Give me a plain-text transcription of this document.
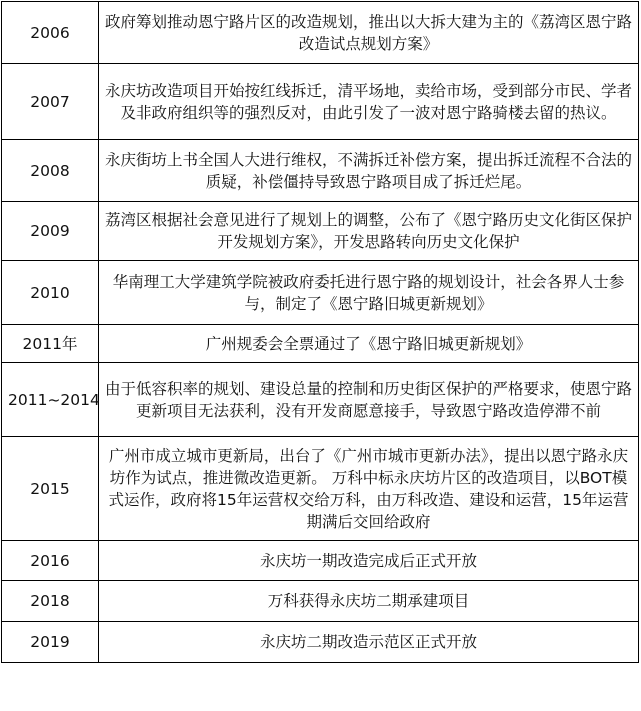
2006	政府筹划推动恩宁路片区的改造规划，推出以大拆大建为主的《荔湾区恩宁路改造试点规划方案》
2007	永庆坊改造项目开始按红线拆迁，清平场地，卖给市场，受到部分市民、学者及非政府组织等的强烈反对，由此引发了一波对恩宁路骑楼去留的热议。
2008	永庆街坊上书全国人大进行维权，不满拆迁补偿方案，提出拆迁流程不合法的质疑，补偿僵持导致恩宁路项目成了拆迁烂尾。
2009	荔湾区根据社会意见进行了规划上的调整，公布了《恩宁路历史文化街区保护开发规划方案》，开发思路转向历史文化保护
2010	华南理工大学建筑学院被政府委托进行恩宁路的规划设计，社会各界人士参与，制定了《恩宁路旧城更新规划》
2011年	广州规委会全票通过了《恩宁路旧城更新规划》
2011~2014	由于低容积率的规划、建设总量的控制和历史街区保护的严格要求，使恩宁路更新项目无法获利，没有开发商愿意接手，导致恩宁路改造停滞不前
2015	广州市成立城市更新局，出台了《广州市城市更新办法》，提出以恩宁路永庆坊作为试点，推进微改造更新。 万科中标永庆坊片区的改造项目，以BOT模式运作，政府将15年运营权交给万科，由万科改造、建设和运营，15年运营期满后交回给政府
2016	永庆坊一期改造完成后正式开放
2018	万科获得永庆坊二期承建项目
2019	永庆坊二期改造示范区正式开放
